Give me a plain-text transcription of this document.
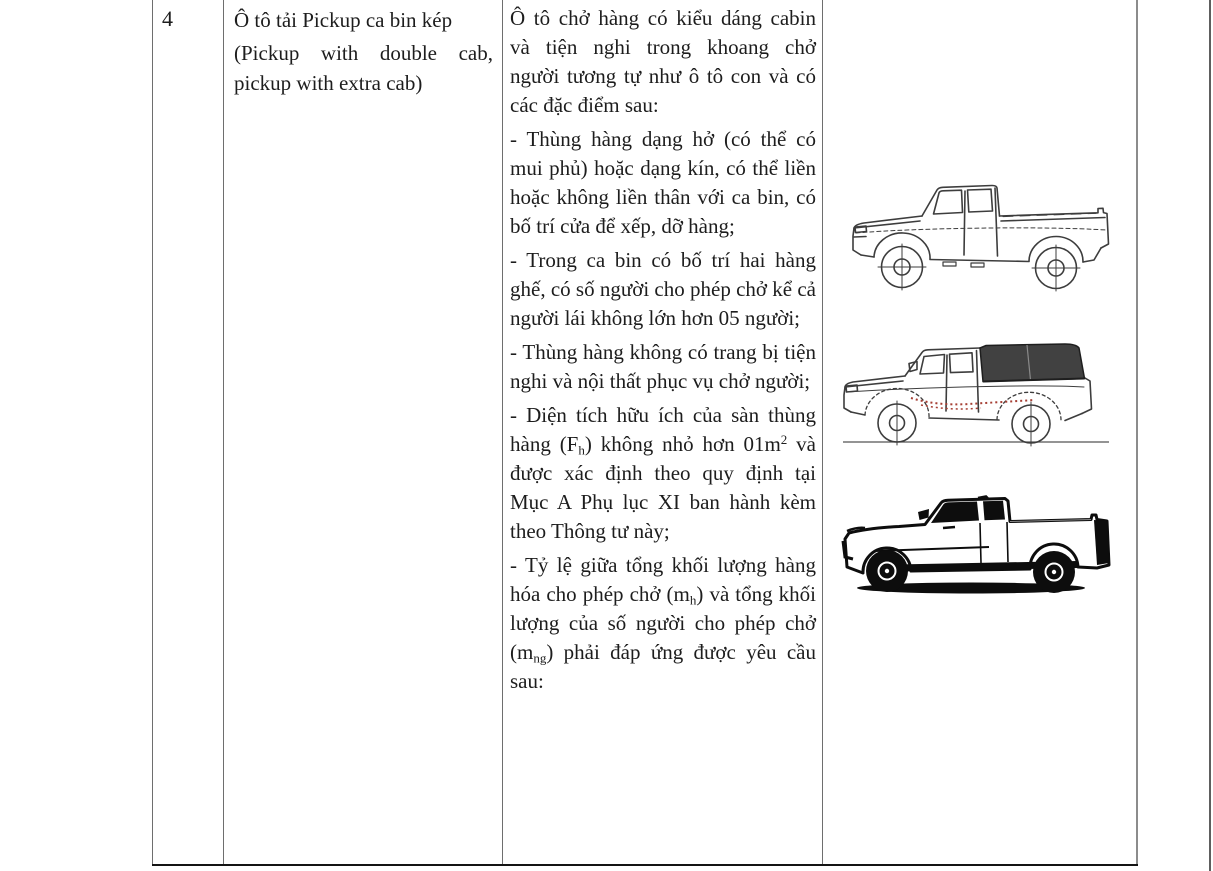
4	Ô tô tải Pickup ca bin kép

(Pickup with double cab, pickup with extra cab)

Ô tô chở hàng có kiểu dáng cabin và tiện nghi trong khoang chở người tương tự như ô tô con và có các đặc điểm sau:

- Thùng hàng dạng hở (có thể có mui phủ) hoặc dạng kín, có thể liền hoặc không liền thân với ca bin, có bố trí cửa để xếp, dỡ hàng;

- Trong ca bin có bố trí hai hàng ghế, có số người cho phép chở kể cả người lái không lớn hơn 05 người;

- Thùng hàng không có trang bị tiện nghi và nội thất phục vụ chở người;

- Diện tích hữu ích của sàn thùng hàng $(F_h)$ không nhỏ hơn $01m^2$ và được xác định theo quy định tại Mục A Phụ lục XI ban hành kèm theo Thông tư này;

- Tỷ lệ giữa tổng khối lượng hàng hóa cho phép chở $(m_h)$ và tổng khối lượng của số người cho phép chở $(m_{ng})$ phải đáp ứng được yêu cầu sau:
